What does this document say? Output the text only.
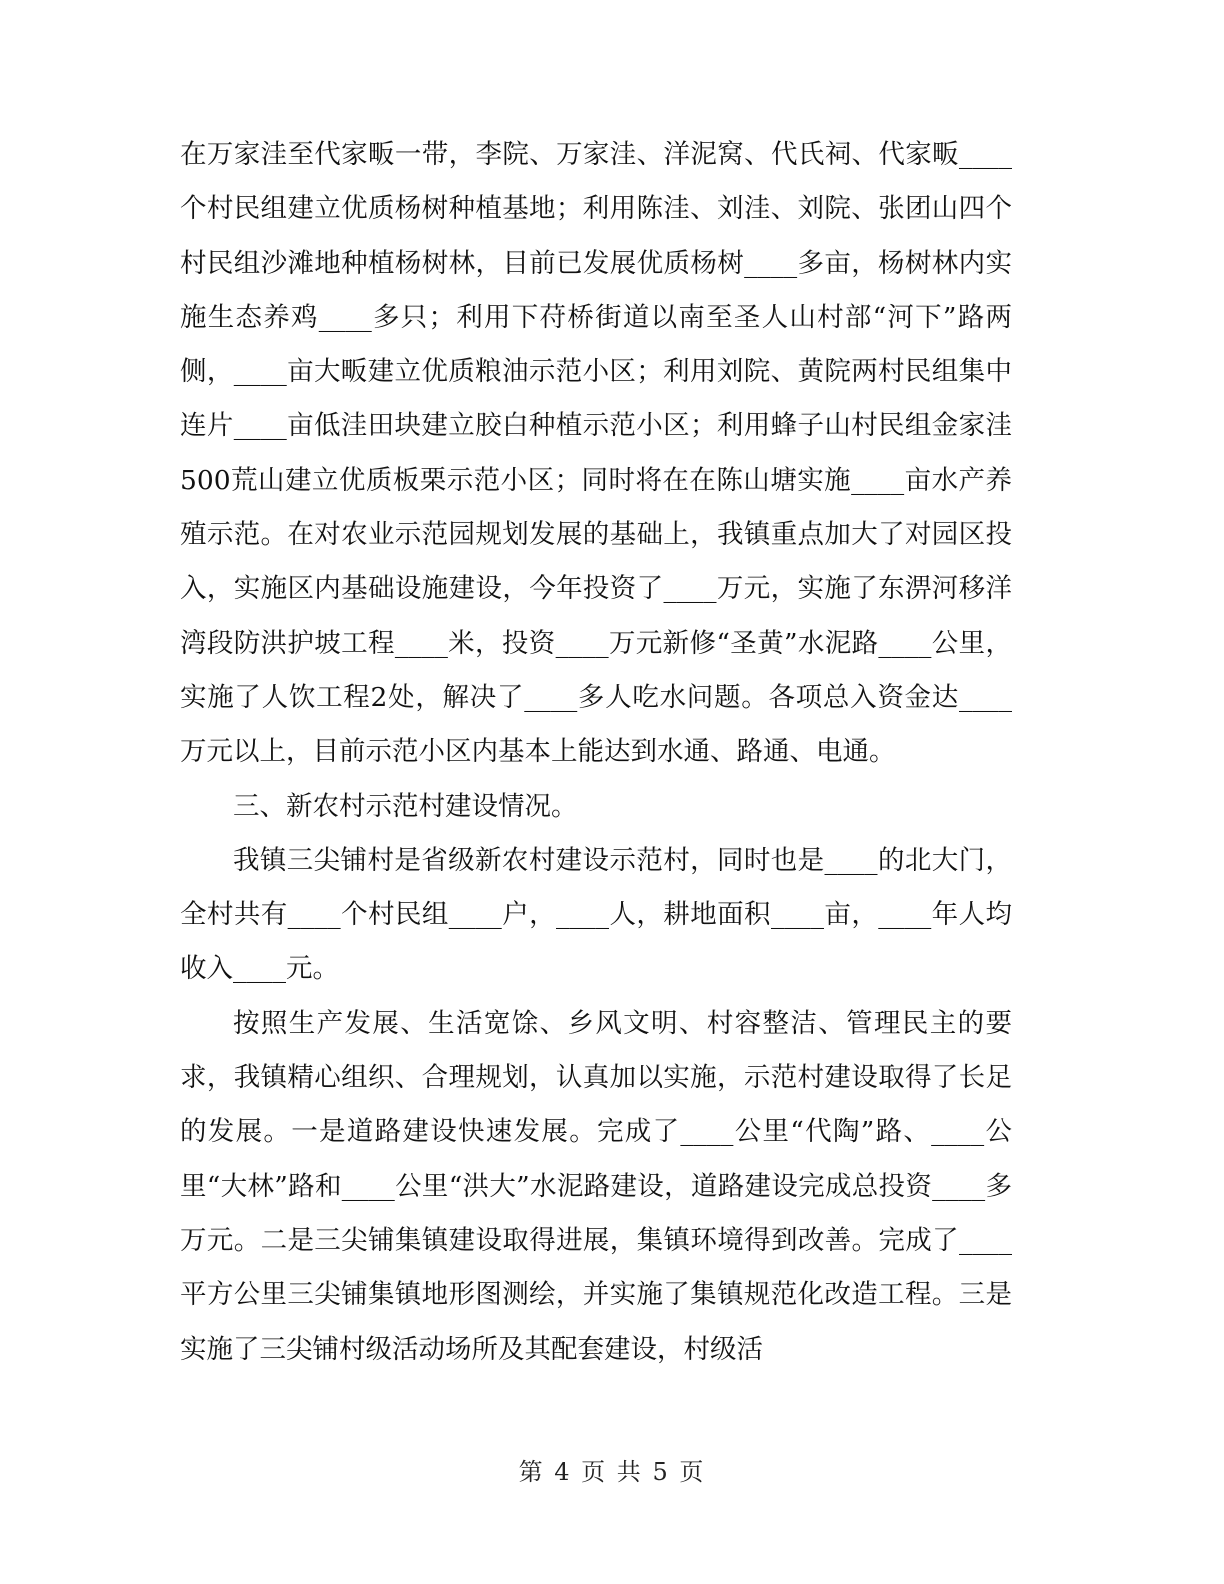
在万家洼至代家畈一带，李院、万家洼、洋泥窝、代氏祠、代家畈____个村民组建立优质杨树种植基地；利用陈洼、刘洼、刘院、张团山四个村民组沙滩地种植杨树林，目前已发展优质杨树____多亩，杨树林内实施生态养鸡____多只；利用下苻桥街道以南至圣人山村部“河下”路两侧，____亩大畈建立优质粮油示范小区；利用刘院、黄院两村民组集中连片____亩低洼田块建立胶白种植示范小区；利用蜂子山村民组金家洼500荒山建立优质板栗示范小区；同时将在在陈山塘实施____亩水产养殖示范。在对农业示范园规划发展的基础上，我镇重点加大了对园区投入，实施区内基础设施建设，今年投资了____万元，实施了东淠河移洋湾段防洪护坡工程____米，投资____万元新修“圣黄”水泥路____公里，实施了人饮工程2处，解决了____多人吃水问题。各项总入资金达____万元以上，目前示范小区内基本上能达到水通、路通、电通。

三、新农村示范村建设情况。

我镇三尖铺村是省级新农村建设示范村，同时也是____的北大门，全村共有____个村民组____户，____人，耕地面积____亩，____年人均收入____元。

按照生产发展、生活宽馀、乡风文明、村容整洁、管理民主的要求，我镇精心组织、合理规划，认真加以实施，示范村建设取得了长足的发展。一是道路建设快速发展。完成了____公里“代陶”路、____公里“大林”路和____公里“洪大”水泥路建设，道路建设完成总投资____多万元。二是三尖铺集镇建设取得进展，集镇环境得到改善。完成了____平方公里三尖铺集镇地形图测绘，并实施了集镇规范化改造工程。三是实施了三尖铺村级活动场所及其配套建设，村级活

第 4 页 共 5 页
